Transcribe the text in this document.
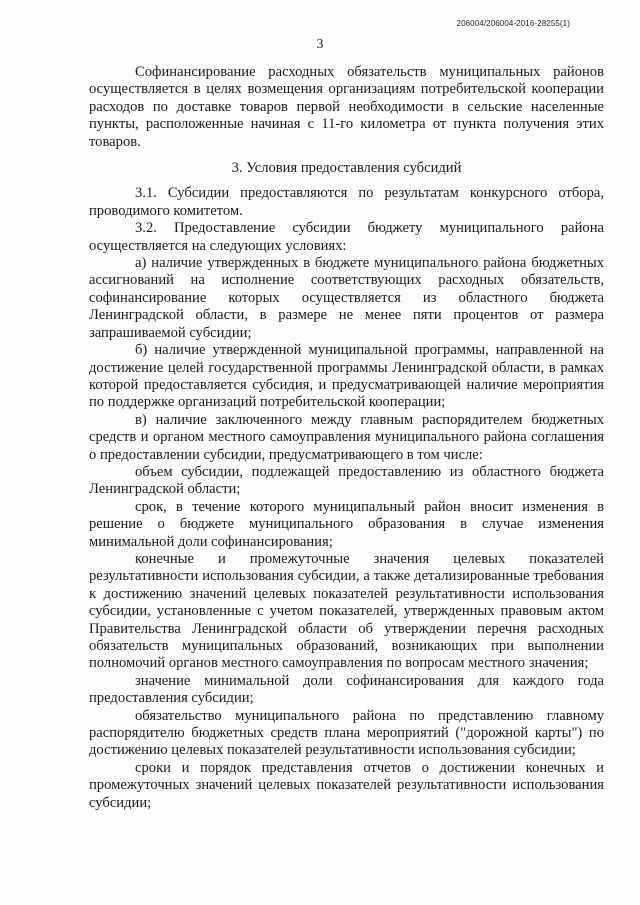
206004/206004-2016-28255(1)
3

Софинансирование расходных обязательств муниципальных районов осуществляется в целях возмещения организациям потребительской кооперации расходов по доставке товаров первой необходимости в сельские населенные пункты, расположенные начиная с 11-го километра от пункта получения этих товаров.

3. Условия предоставления субсидий

3.1. Субсидии предоставляются по результатам конкурсного отбора, проводимого комитетом.

3.2. Предоставление субсидии бюджету муниципального района осуществляется на следующих условиях:

а) наличие утвержденных в бюджете муниципального района бюджетных ассигнований на исполнение соответствующих расходных обязательств, софинансирование которых осуществляется из областного бюджета Ленинградской области, в размере не менее пяти процентов от размера запрашиваемой субсидии;

б) наличие утвержденной муниципальной программы, направленной на достижение целей государственной программы Ленинградской области, в рамках которой предоставляется субсидия, и предусматривающей наличие мероприятия по поддержке организаций потребительской кооперации;

в) наличие заключенного между главным распорядителем бюджетных средств и органом местного самоуправления муниципального района соглашения о предоставлении субсидии, предусматривающего в том числе:

объем субсидии, подлежащей предоставлению из областного бюджета Ленинградской области;

срок, в течение которого муниципальный район вносит изменения в решение о бюджете муниципального образования в случае изменения минимальной доли софинансирования;

конечные и промежуточные значения целевых показателей результативности использования субсидии, а также детализированные требования к достижению значений целевых показателей результативности использования субсидии, установленные с учетом показателей, утвержденных правовым актом Правительства Ленинградской области об утверждении перечня расходных обязательств муниципальных образований, возникающих при выполнении полномочий органов местного самоуправления по вопросам местного значения;

значение минимальной доли софинансирования для каждого года предоставления субсидии;

обязательство муниципального района по представлению главному распорядителю бюджетных средств плана мероприятий ("дорожной карты") по достижению целевых показателей результативности использования субсидии;

сроки и порядок представления отчетов о достижении конечных и промежуточных значений целевых показателей результативности использования субсидии;
